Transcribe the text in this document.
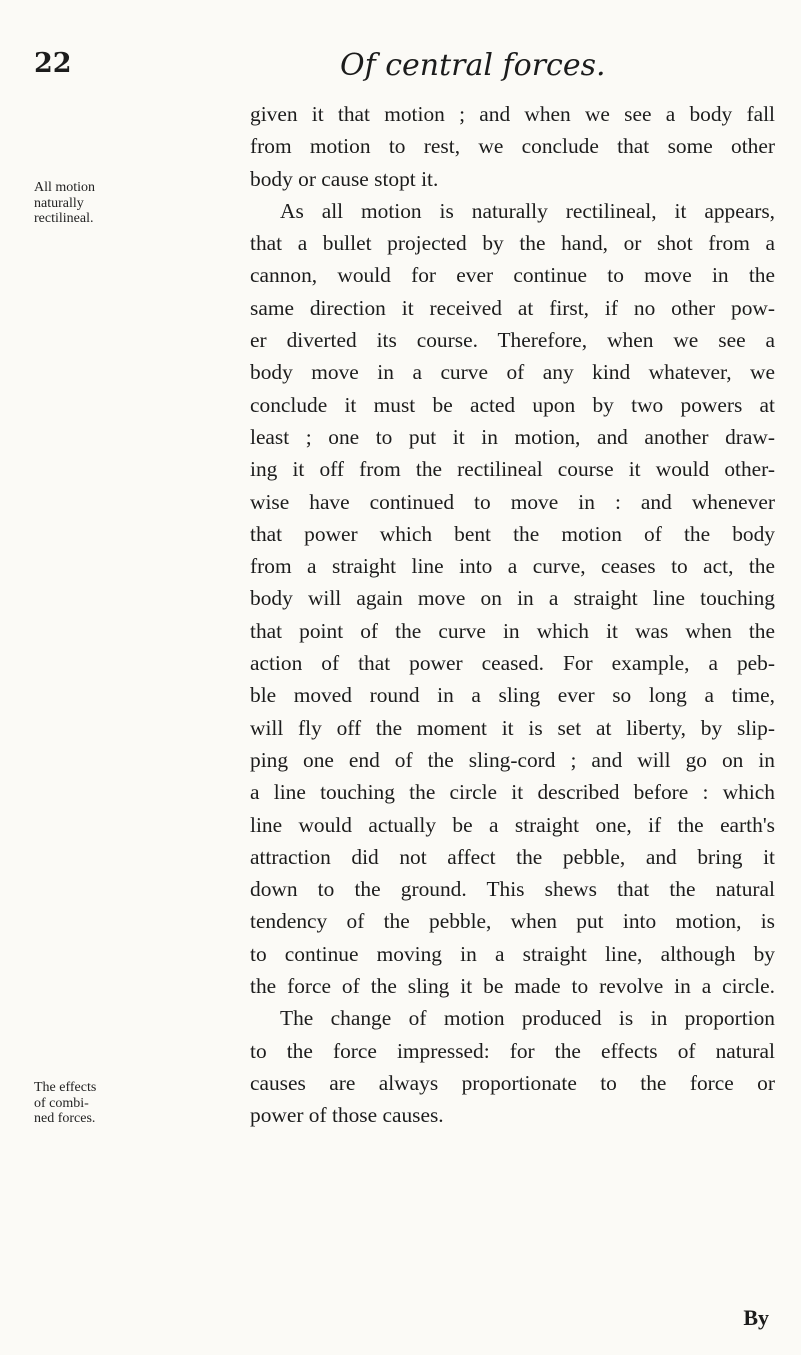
22	Of central forces.
All motion
naturally
rectilineal.
The effects
of combi-
ned forces.
given it that motion ; and when we see a body fall
from motion to rest, we conclude that some other
body or cause stopt it.
As all motion is naturally rectilineal, it appears,
that a bullet projected by the hand, or shot from a
cannon, would for ever continue to move in the
same direction it received at first, if no other pow-
er diverted its course. Therefore, when we see a
body move in a curve of any kind whatever, we
conclude it must be acted upon by two powers at
least ; one to put it in motion, and another draw-
ing it off from the rectilineal course it would other-
wise have continued to move in : and whenever
that power which bent the motion of the body
from a straight line into a curve, ceases to act, the
body will again move on in a straight line touching
that point of the curve in which it was when the
action of that power ceased. For example, a peb-
ble moved round in a sling ever so long a time,
will fly off the moment it is set at liberty, by slip-
ping one end of the sling-cord ; and will go on in
a line touching the circle it described before : which
line would actually be a straight one, if the earth's
attraction did not affect the pebble, and bring it
down to the ground. This shews that the natural
tendency of the pebble, when put into motion, is
to continue moving in a straight line, although by
the force of the sling it be made to revolve in a circle.
The change of motion produced is in proportion
to the force impressed: for the effects of natural
causes are always proportionate to the force or
power of those causes.
By
